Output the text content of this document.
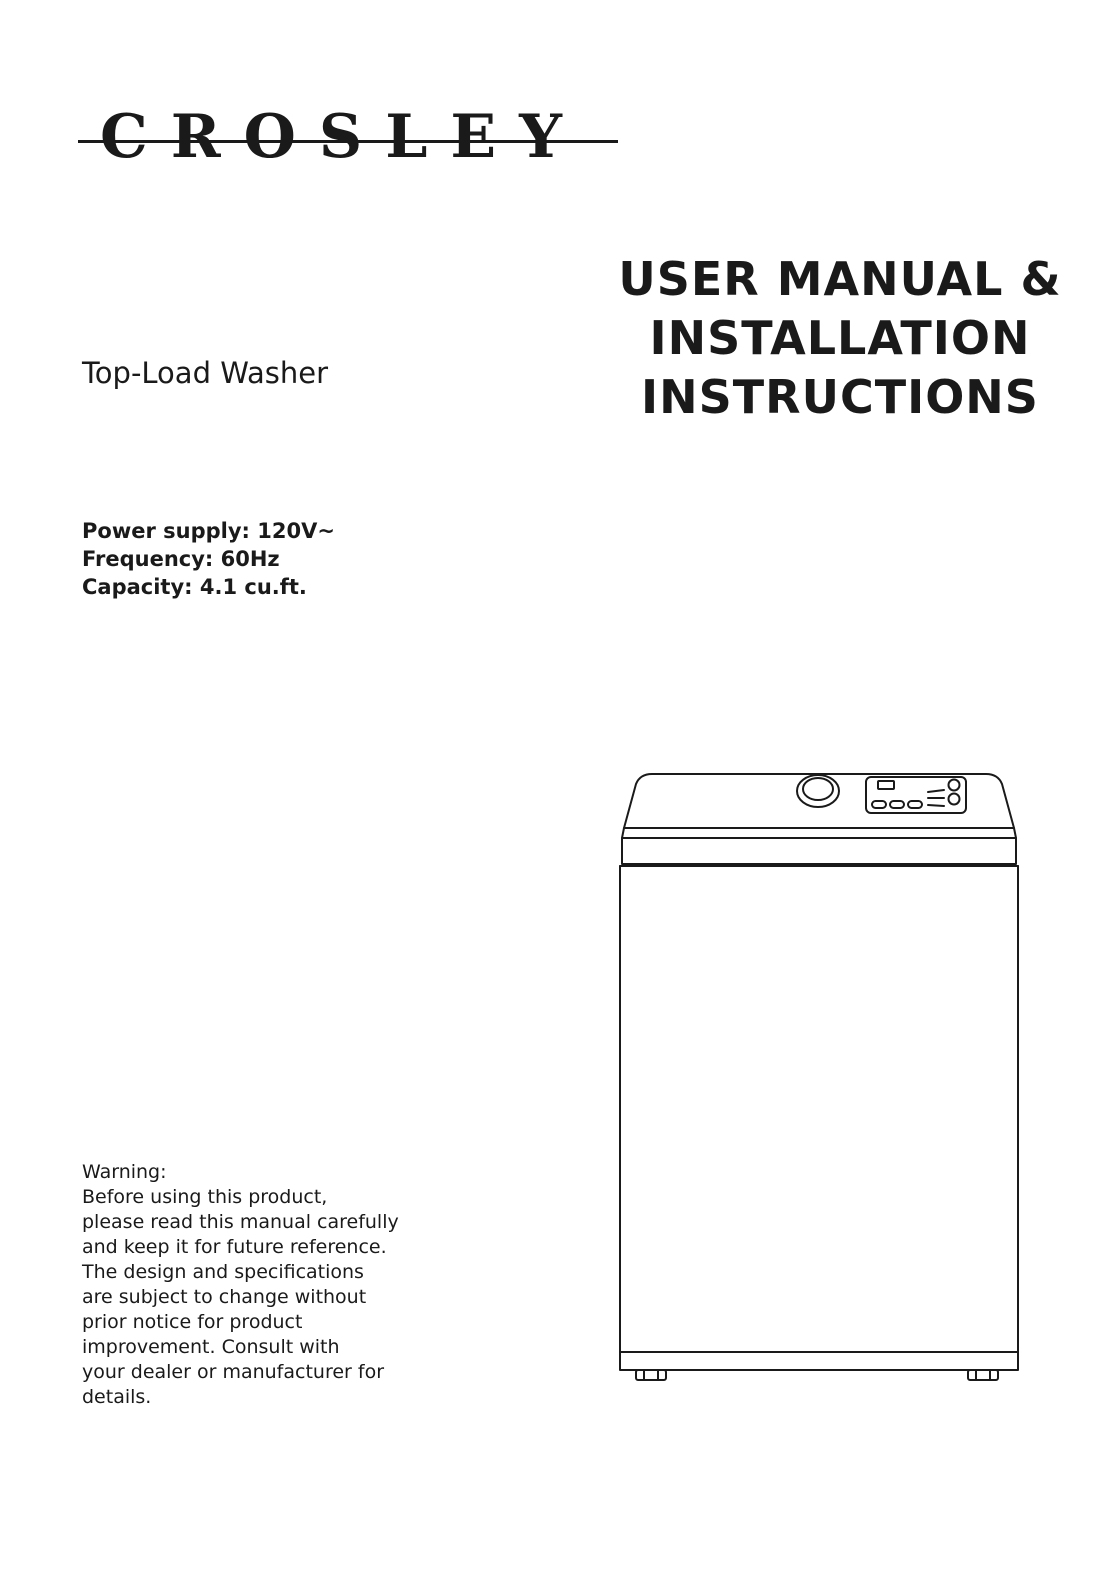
CROSLEY
USER MANUAL &
INSTALLATION
INSTRUCTIONS
Top-Load Washer
Power supply: 120V~
Frequency: 60Hz
Capacity: 4.1 cu.ft.
Warning:
Before using this product,
please read this manual carefully
and keep it for future reference.
The design and specifications
are subject to change without
prior notice for product
improvement. Consult with
your dealer or manufacturer for
details.
